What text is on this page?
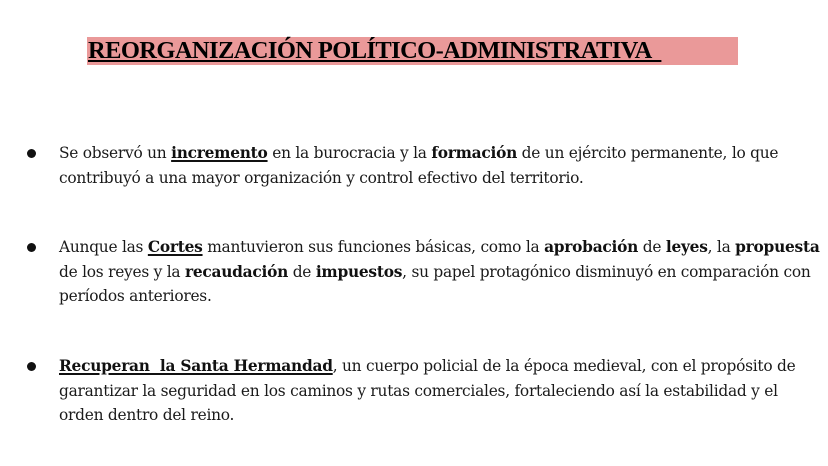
REORGANIZACIÓN POLÍTICO-ADMINISTRATIVA
Se observó un incremento en la burocracia y la formación de un ejército permanente, lo que contribuyó a una mayor organización y control efectivo del territorio.
Aunque las Cortes mantuvieron sus funciones básicas, como la aprobación de leyes, la propuesta de los reyes y la recaudación de impuestos, su papel protagónico disminuyó en comparación con períodos anteriores.
Recuperan  la Santa Hermandad, un cuerpo policial de la época medieval, con el propósito de garantizar la seguridad en los caminos y rutas comerciales, fortaleciendo así la estabilidad y el orden dentro del reino.
